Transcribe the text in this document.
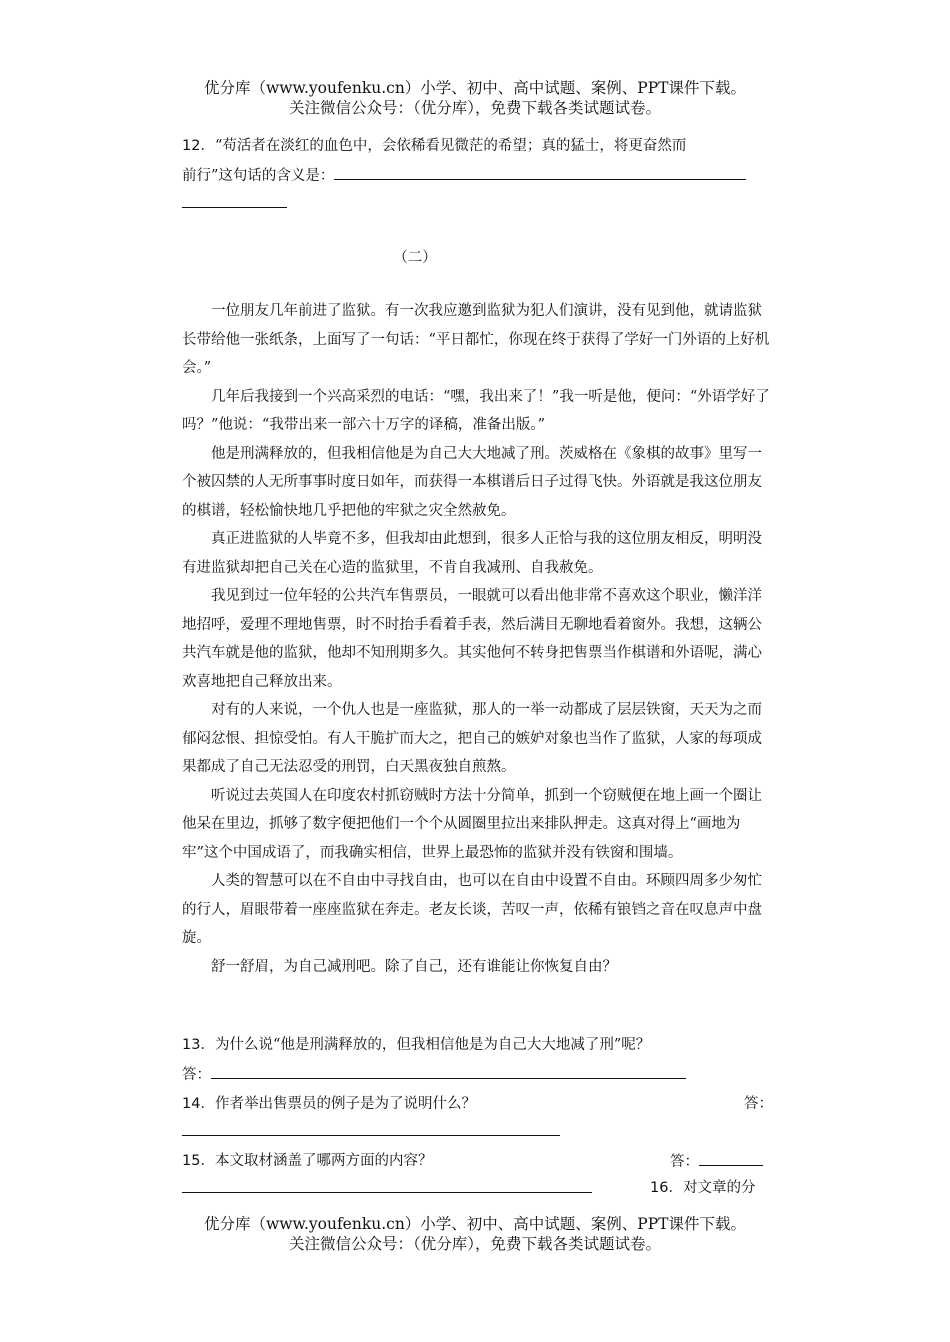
优分库（www.youfenku.cn）小学、初中、高中试题、案例、PPT课件下载。
关注微信公众号：（优分库），免费下载各类试题试卷。
12．“苟活者在淡红的血色中，会依稀看见微茫的希望；真的猛士，将更奋然而
前行”这句话的含义是：
（二）

一位朋友几年前进了监狱。有一次我应邀到监狱为犯人们演讲，没有见到他，就请监狱长带给他一张纸条，上面写了一句话：“平日都忙，你现在终于获得了学好一门外语的上好机会。”

几年后我接到一个兴高采烈的电话：“嘿，我出来了！”我一听是他，便问：“外语学好了吗？”他说：“我带出来一部六十万字的译稿，准备出版。”

他是刑满释放的，但我相信他是为自己大大地减了刑。茨威格在《象棋的故事》里写一个被囚禁的人无所事事时度日如年，而获得一本棋谱后日子过得飞快。外语就是我这位朋友的棋谱，轻松愉快地几乎把他的牢狱之灾全然赦免。

真正进监狱的人毕竟不多，但我却由此想到，很多人正恰与我的这位朋友相反，明明没有进监狱却把自己关在心造的监狱里，不肯自我减刑、自我赦免。

我见到过一位年轻的公共汽车售票员，一眼就可以看出他非常不喜欢这个职业，懒洋洋地招呼，爱理不理地售票，时不时抬手看着手表，然后满目无聊地看着窗外。我想，这辆公共汽车就是他的监狱，他却不知刑期多久。其实他何不转身把售票当作棋谱和外语呢，满心欢喜地把自己释放出来。

对有的人来说，一个仇人也是一座监狱，那人的一举一动都成了层层铁窗，天天为之而郁闷忿恨、担惊受怕。有人干脆扩而大之，把自己的嫉妒对象也当作了监狱，人家的每项成果都成了自己无法忍受的刑罚，白天黑夜独自煎熬。

听说过去英国人在印度农村抓窃贼时方法十分简单，抓到一个窃贼便在地上画一个圈让他呆在里边，抓够了数字便把他们一个个从圆圈里拉出来排队押走。这真对得上“画地为牢”这个中国成语了，而我确实相信，世界上最恐怖的监狱并没有铁窗和围墙。

人类的智慧可以在不自由中寻找自由，也可以在自由中设置不自由。环顾四周多少匆忙的行人，眉眼带着一座座监狱在奔走。老友长谈，苦叹一声，依稀有锒铛之音在叹息声中盘旋。

舒一舒眉，为自己减刑吧。除了自己，还有谁能让你恢复自由？

13．为什么说“他是刑满释放的，但我相信他是为自己大大地减了刑”呢？
答：
14．作者举出售票员的例子是为了说明什么？	答：
15．本文取材涵盖了哪两方面的内容？	答：
16．对文章的分
优分库（www.youfenku.cn）小学、初中、高中试题、案例、PPT课件下载。
关注微信公众号：（优分库），免费下载各类试题试卷。
